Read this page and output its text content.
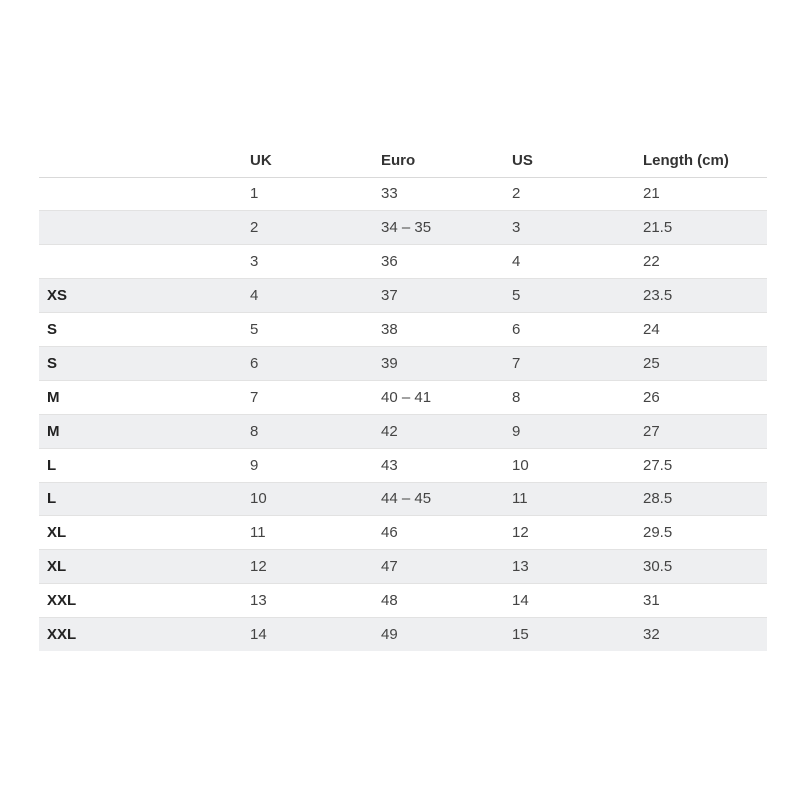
	UK	Euro	US	Length (cm)
	1	33	2	21
	2	34 – 35	3	21.5
	3	36	4	22
XS	4	37	5	23.5
S	5	38	6	24
S	6	39	7	25
M	7	40 – 41	8	26
M	8	42	9	27
L	9	43	10	27.5
L	10	44 – 45	11	28.5
XL	11	46	12	29.5
XL	12	47	13	30.5
XXL	13	48	14	31
XXL	14	49	15	32
